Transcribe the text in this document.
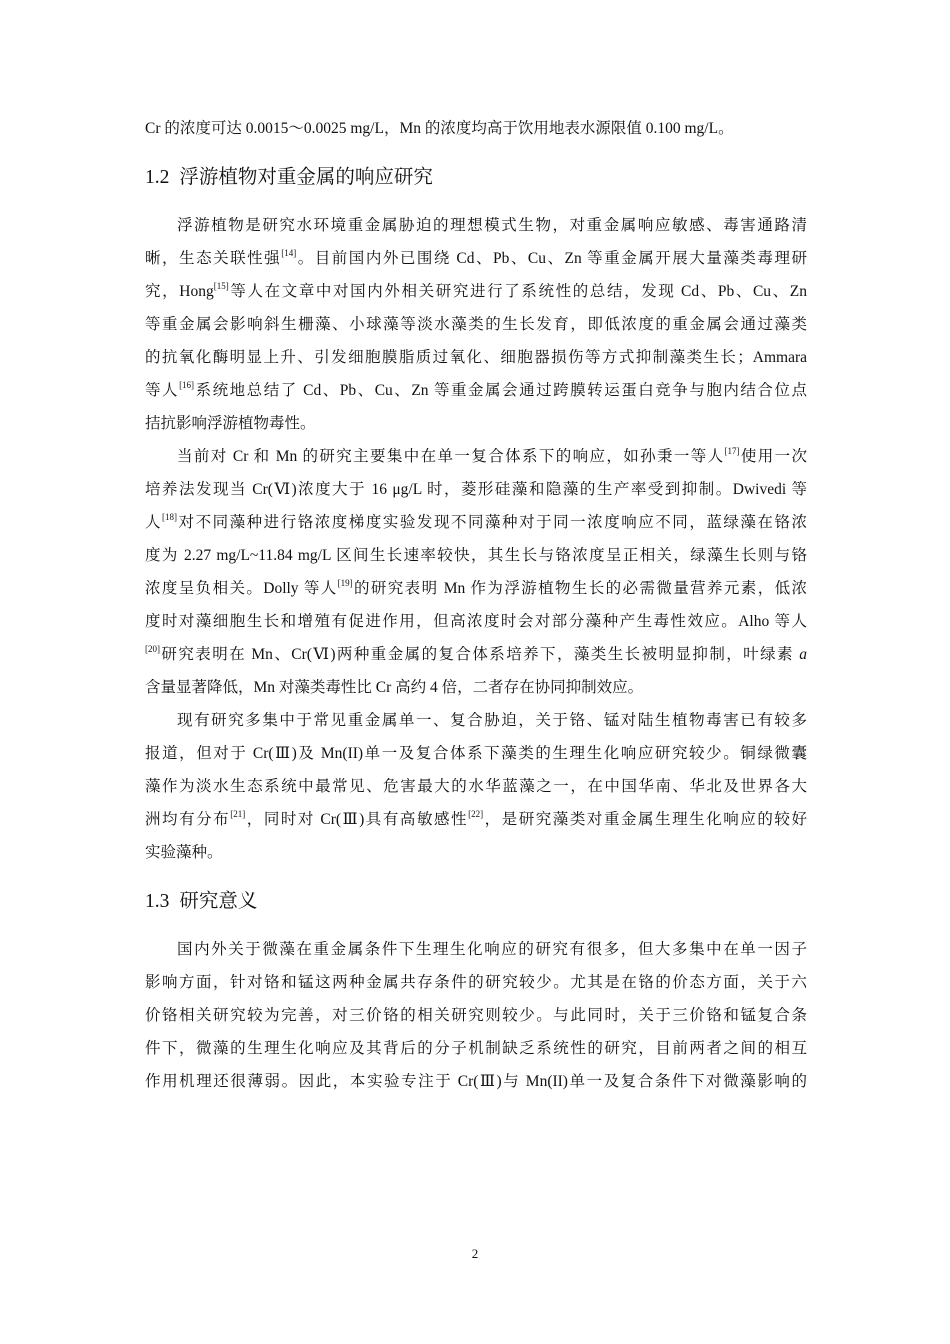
Cr 的浓度可达 0.0015～0.0025 mg/L，Mn 的浓度均高于饮用地表水源限值 0.100 mg/L。
1.2 浮游植物对重金属的响应研究
浮游植物是研究水环境重金属胁迫的理想模式生物，对重金属响应敏感、毒害通路清
晰，生态关联性强[14]。目前国内外已围绕 Cd、Pb、Cu、Zn 等重金属开展大量藻类毒理研
究，Hong[15]等人在文章中对国内外相关研究进行了系统性的总结，发现 Cd、Pb、Cu、Zn
等重金属会影响斜生栅藻、小球藻等淡水藻类的生长发育，即低浓度的重金属会通过藻类
的抗氧化酶明显上升、引发细胞膜脂质过氧化、细胞器损伤等方式抑制藻类生长；Ammara
等人[16]系统地总结了 Cd、Pb、Cu、Zn 等重金属会通过跨膜转运蛋白竞争与胞内结合位点
拮抗影响浮游植物毒性。
当前对 Cr 和 Mn 的研究主要集中在单一复合体系下的响应，如孙秉一等人[17]使用一次
培养法发现当 Cr(Ⅵ)浓度大于 16 μg/L 时，菱形硅藻和隐藻的生产率受到抑制。Dwivedi 等
人[18]对不同藻种进行铬浓度梯度实验发现不同藻种对于同一浓度响应不同，蓝绿藻在铬浓
度为 2.27 mg/L~11.84 mg/L 区间生长速率较快，其生长与铬浓度呈正相关，绿藻生长则与铬
浓度呈负相关。Dolly 等人[19]的研究表明 Mn 作为浮游植物生长的必需微量营养元素，低浓
度时对藻细胞生长和增殖有促进作用，但高浓度时会对部分藻种产生毒性效应。Alho 等人
[20]研究表明在 Mn、Cr(Ⅵ)两种重金属的复合体系培养下，藻类生长被明显抑制，叶绿素 a
含量显著降低，Mn 对藻类毒性比 Cr 高约 4 倍，二者存在协同抑制效应。
现有研究多集中于常见重金属单一、复合胁迫，关于铬、锰对陆生植物毒害已有较多
报道，但对于 Cr(Ⅲ)及 Mn(II)单一及复合体系下藻类的生理生化响应研究较少。铜绿微囊
藻作为淡水生态系统中最常见、危害最大的水华蓝藻之一，在中国华南、华北及世界各大
洲均有分布[21]，同时对 Cr(Ⅲ)具有高敏感性[22]，是研究藻类对重金属生理生化响应的较好
实验藻种。
1.3 研究意义
国内外关于微藻在重金属条件下生理生化响应的研究有很多，但大多集中在单一因子
影响方面，针对铬和锰这两种金属共存条件的研究较少。尤其是在铬的价态方面，关于六
价铬相关研究较为完善，对三价铬的相关研究则较少。与此同时，关于三价铬和锰复合条
件下，微藻的生理生化响应及其背后的分子机制缺乏系统性的研究，目前两者之间的相互
作用机理还很薄弱。因此，本实验专注于 Cr(Ⅲ)与 Mn(II)单一及复合条件下对微藻影响的
2
